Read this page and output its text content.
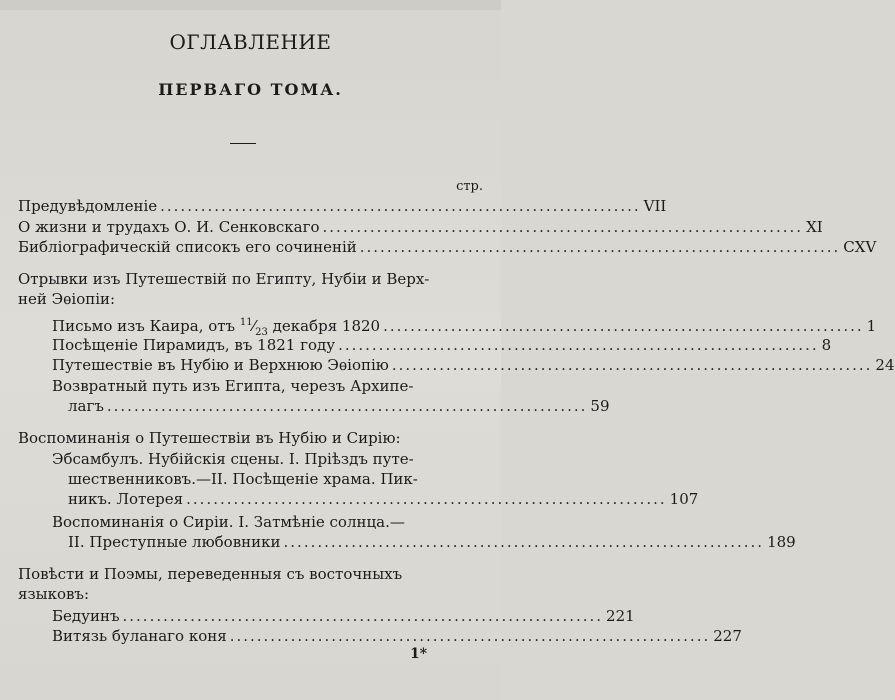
ОГЛАВЛЕНИЕ
ПЕРВАГО ТОМА.
стр.
Предувѣдомленіе ....................................................................... VII
О жизни и трудахъ О. И. Сенковскаго ....................................................................... XI
Библіографическій списокъ его сочиненій ....................................................................... CXV
Отрывки изъ Путешествій по Египту, Нубіи и Верх-
ней Эѳіопіи:
Письмо изъ Каира, отъ $^{11}⁄_{23}$ декабря 1820 ....................................................................... 1
Посѣщеніе Пирамидъ, въ 1821 году ....................................................................... 8
Путешествіе въ Нубію и Верхнюю Эѳіопію ....................................................................... 24
Возвратный путь изъ Египта, черезъ Архипе-
лагъ ....................................................................... 59
Воспоминанія о Путешествіи въ Нубію и Сирію:
Эбсамбулъ. Нубійскія сцены. I. Пріѣздъ путе-
шественниковъ.—II. Посѣщеніе храма. Пик-
никъ. Лотерея ....................................................................... 107
Воспоминанія о Сиріи. I. Затмѣніе солнца.—
II. Преступные любовники ....................................................................... 189
Повѣсти и Поэмы, переведенныя съ восточныхъ
языковъ:
Бедуинъ ....................................................................... 221
Витязь буланаго коня ....................................................................... 227
1*
